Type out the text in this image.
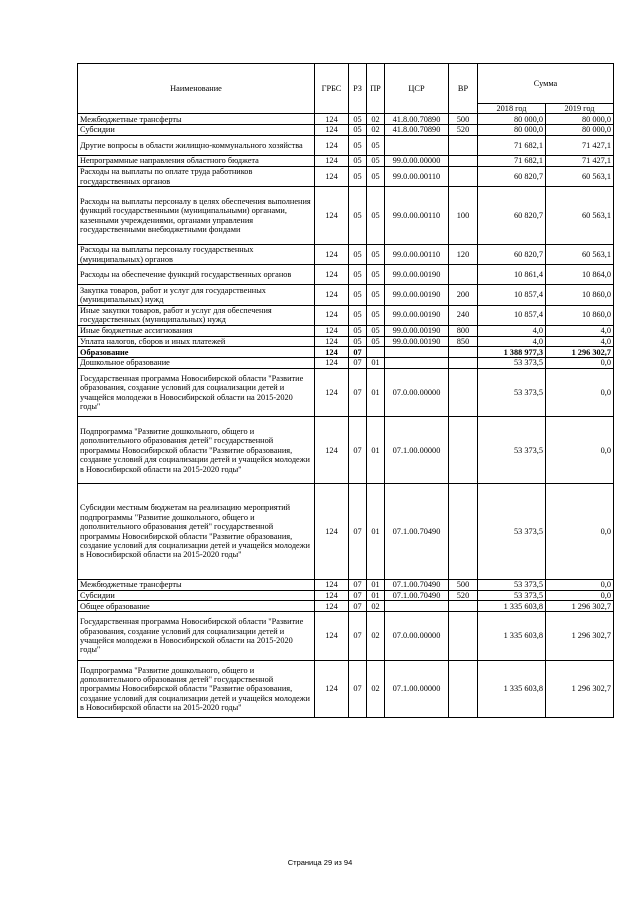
Наименование	ГРБС	РЗ	ПР	ЦСР	ВР	Сумма	
						2018 год	2019 год
Межбюджетные трансферты	124	05	02	41.8.00.70890	500	80 000,0	80 000,0
Субсидии	124	05	02	41.8.00.70890	520	80 000,0	80 000,0
Другие вопросы в области жилищно-коммунального хозяйства	124	05	05			71 682,1	71 427,1
Непрограммные направления областного бюджета	124	05	05	99.0.00.00000		71 682,1	71 427,1
Расходы на выплаты по оплате труда работников государственных органов	124	05	05	99.0.00.00110		60 820,7	60 563,1
Расходы на выплаты персоналу в целях обеспечения выполнения функций государственными (муниципальными) органами, казенными учреждениями, органами управления государственными внебюджетными фондами	124	05	05	99.0.00.00110	100	60 820,7	60 563,1
Расходы на выплаты персоналу государственных (муниципальных) органов	124	05	05	99.0.00.00110	120	60 820,7	60 563,1
Расходы на обеспечение функций государственных органов	124	05	05	99.0.00.00190		10 861,4	10 864,0
Закупка товаров, работ и услуг для государственных (муниципальных) нужд	124	05	05	99.0.00.00190	200	10 857,4	10 860,0
Иные закупки товаров, работ и услуг для обеспечения государственных (муниципальных) нужд	124	05	05	99.0.00.00190	240	10 857,4	10 860,0
Иные бюджетные ассигнования	124	05	05	99.0.00.00190	800	4,0	4,0
Уплата налогов, сборов и иных платежей	124	05	05	99.0.00.00190	850	4,0	4,0
Образование	124	07				1 388 977,3	1 296 302,7
Дошкольное образование	124	07	01			53 373,5	0,0
Государственная программа Новосибирской области "Развитие образования, создание условий для социализации детей и учащейся молодежи в Новосибирской области на 2015-2020 годы"	124	07	01	07.0.00.00000		53 373,5	0,0
Подпрограмма "Развитие дошкольного, общего и дополнительного образования детей" государственной программы Новосибирской области "Развитие образования, создание условий для социализации детей и учащейся молодежи в Новосибирской области на 2015-2020 годы"	124	07	01	07.1.00.00000		53 373,5	0,0
Субсидии местным бюджетам на реализацию мероприятий подпрограммы "Развитие дошкольного, общего и дополнительного образования детей" государственной программы Новосибирской области "Развитие образования, создание условий для социализации детей и учащейся молодежи в Новосибирской области на 2015-2020 годы"	124	07	01	07.1.00.70490		53 373,5	0,0
Межбюджетные трансферты	124	07	01	07.1.00.70490	500	53 373,5	0,0
Субсидии	124	07	01	07.1.00.70490	520	53 373,5	0,0
Общее образование	124	07	02			1 335 603,8	1 296 302,7
Государственная программа Новосибирской области "Развитие образования, создание условий для социализации детей и учащейся молодежи в Новосибирской области на 2015-2020 годы"	124	07	02	07.0.00.00000		1 335 603,8	1 296 302,7
Подпрограмма "Развитие дошкольного, общего и дополнительного образования детей" государственной программы Новосибирской области "Развитие образования, создание условий для социализации детей и учащейся молодежи в Новосибирской области на 2015-2020 годы"	124	07	02	07.1.00.00000		1 335 603,8	1 296 302,7
Страница 29 из 94
